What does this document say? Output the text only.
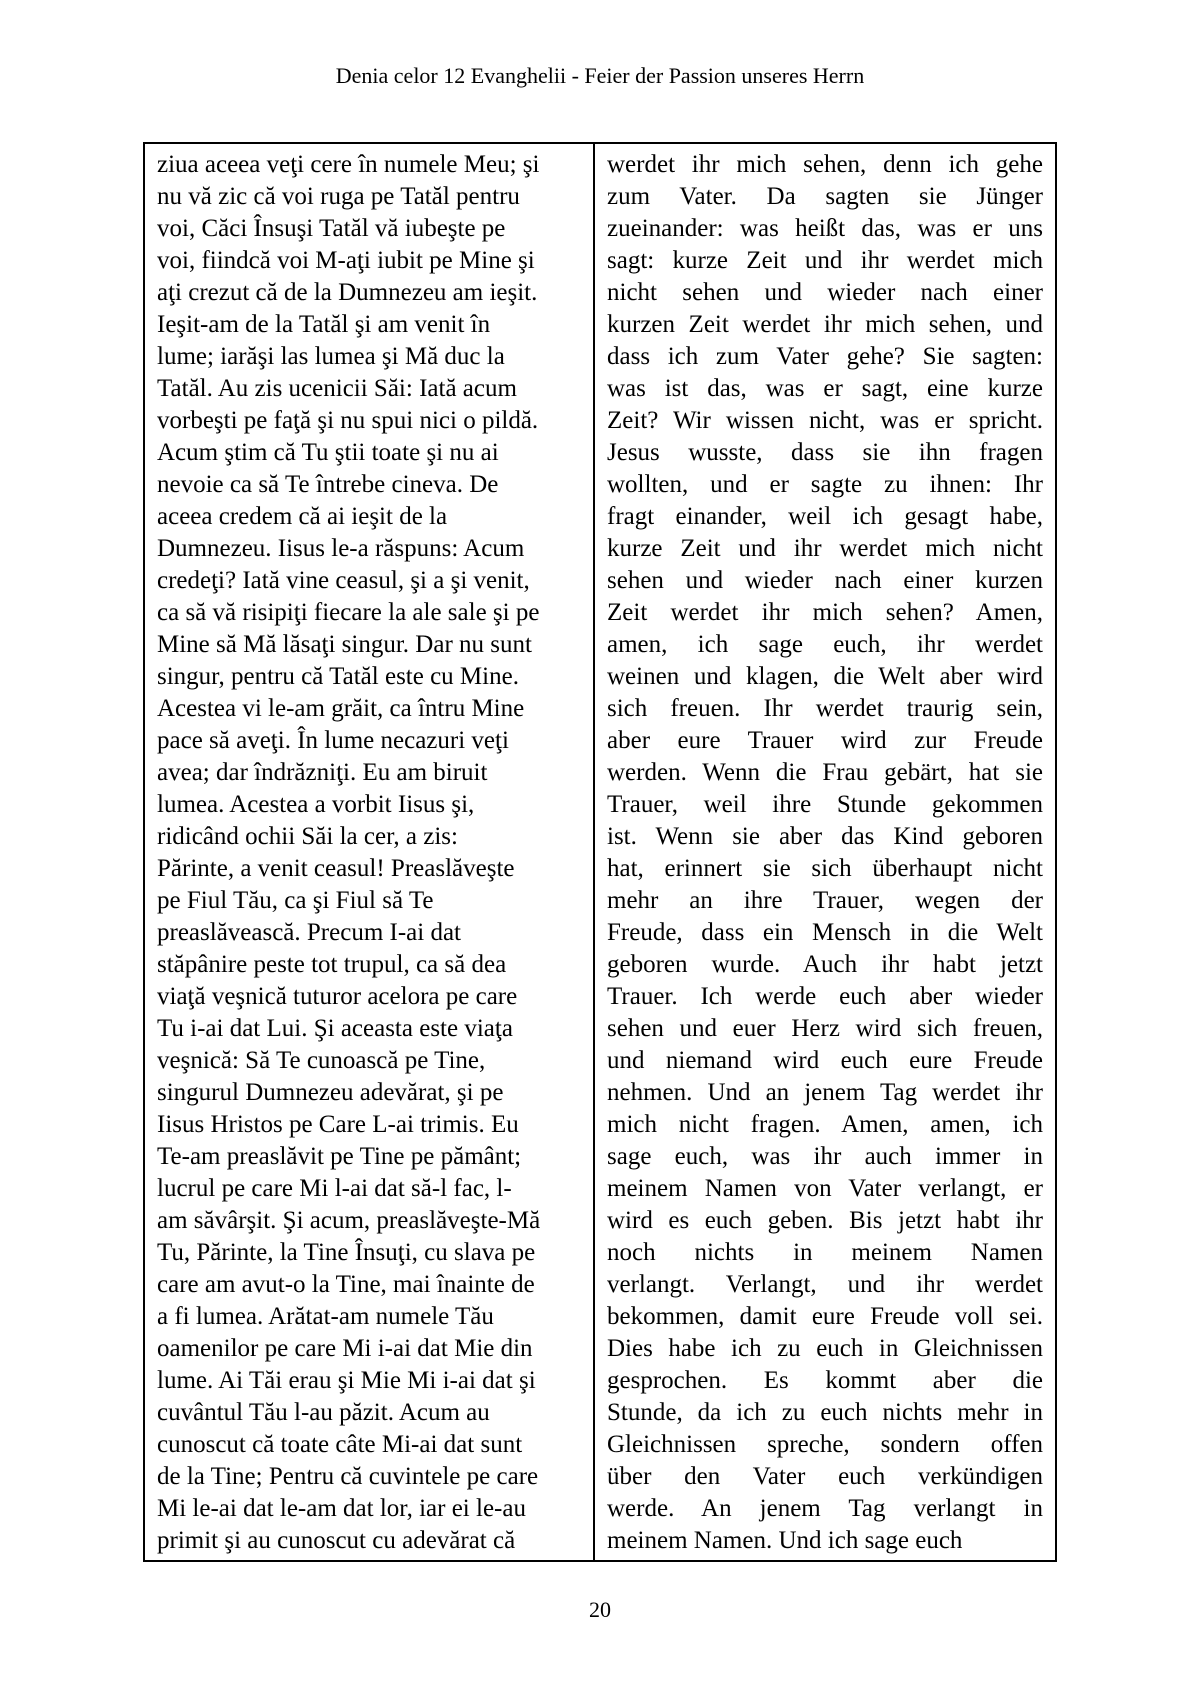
Denia celor 12 Evanghelii - Feier der Passion unseres Herrn
ziua aceea veţi cere în numele Meu; şi
nu vă zic că voi ruga pe Tatăl pentru
voi, Căci Însuşi Tatăl vă iubeşte pe
voi, fiindcă voi M-aţi iubit pe Mine şi
aţi crezut că de la Dumnezeu am ieşit.
Ieşit-am de la Tatăl şi am venit în
lume; iarăşi las lumea şi Mă duc la
Tatăl. Au zis ucenicii Săi: Iată acum
vorbeşti pe faţă şi nu spui nici o pildă.
Acum ştim că Tu ştii toate şi nu ai
nevoie ca să Te întrebe cineva. De
aceea credem că ai ieşit de la
Dumnezeu. Iisus le-a răspuns: Acum
credeţi? Iată vine ceasul, şi a şi venit,
ca să vă risipiţi fiecare la ale sale şi pe
Mine să Mă lăsaţi singur. Dar nu sunt
singur, pentru că Tatăl este cu Mine.
Acestea vi le-am grăit, ca întru Mine
pace să aveţi. În lume necazuri veţi
avea; dar îndrăzniţi. Eu am biruit
lumea. Acestea a vorbit Iisus şi,
ridicând ochii Săi la cer, a zis:
Părinte, a venit ceasul! Preaslăveşte
pe Fiul Tău, ca şi Fiul să Te
preaslăvească. Precum I-ai dat
stăpânire peste tot trupul, ca să dea
viaţă veşnică tuturor acelora pe care
Tu i-ai dat Lui. Şi aceasta este viaţa
veşnică: Să Te cunoască pe Tine,
singurul Dumnezeu adevărat, şi pe
Iisus Hristos pe Care L-ai trimis. Eu
Te-am preaslăvit pe Tine pe pământ;
lucrul pe care Mi l-ai dat să-l fac, l-
am săvârşit. Şi acum, preaslăveşte-Mă
Tu, Părinte, la Tine Însuţi, cu slava pe
care am avut-o la Tine, mai înainte de
a fi lumea. Arătat-am numele Tău
oamenilor pe care Mi i-ai dat Mie din
lume. Ai Tăi erau şi Mie Mi i-ai dat şi
cuvântul Tău l-au păzit. Acum au
cunoscut că toate câte Mi-ai dat sunt
de la Tine; Pentru că cuvintele pe care
Mi le-ai dat le-am dat lor, iar ei le-au
primit şi au cunoscut cu adevărat că
werdet ihr mich sehen, denn ich gehe
zum Vater. Da sagten sie Jünger
zueinander: was heißt das, was er uns
sagt: kurze Zeit und ihr werdet mich
nicht sehen und wieder nach einer
kurzen Zeit werdet ihr mich sehen, und
dass ich zum Vater gehe? Sie sagten:
was ist das, was er sagt, eine kurze
Zeit? Wir wissen nicht, was er spricht.
Jesus wusste, dass sie ihn fragen
wollten, und er sagte zu ihnen: Ihr
fragt einander, weil ich gesagt habe,
kurze Zeit und ihr werdet mich nicht
sehen und wieder nach einer kurzen
Zeit werdet ihr mich sehen? Amen,
amen, ich sage euch, ihr werdet
weinen und klagen, die Welt aber wird
sich freuen. Ihr werdet traurig sein,
aber eure Trauer wird zur Freude
werden. Wenn die Frau gebärt, hat sie
Trauer, weil ihre Stunde gekommen
ist. Wenn sie aber das Kind geboren
hat, erinnert sie sich überhaupt nicht
mehr an ihre Trauer, wegen der
Freude, dass ein Mensch in die Welt
geboren wurde. Auch ihr habt jetzt
Trauer. Ich werde euch aber wieder
sehen und euer Herz wird sich freuen,
und niemand wird euch eure Freude
nehmen. Und an jenem Tag werdet ihr
mich nicht fragen. Amen, amen, ich
sage euch, was ihr auch immer in
meinem Namen von Vater verlangt, er
wird es euch geben. Bis jetzt habt ihr
noch nichts in meinem Namen
verlangt. Verlangt, und ihr werdet
bekommen, damit eure Freude voll sei.
Dies habe ich zu euch in Gleichnissen
gesprochen. Es kommt aber die
Stunde, da ich zu euch nichts mehr in
Gleichnissen spreche, sondern offen
über den Vater euch verkündigen
werde. An jenem Tag verlangt in
meinem Namen. Und ich sage euch
20
